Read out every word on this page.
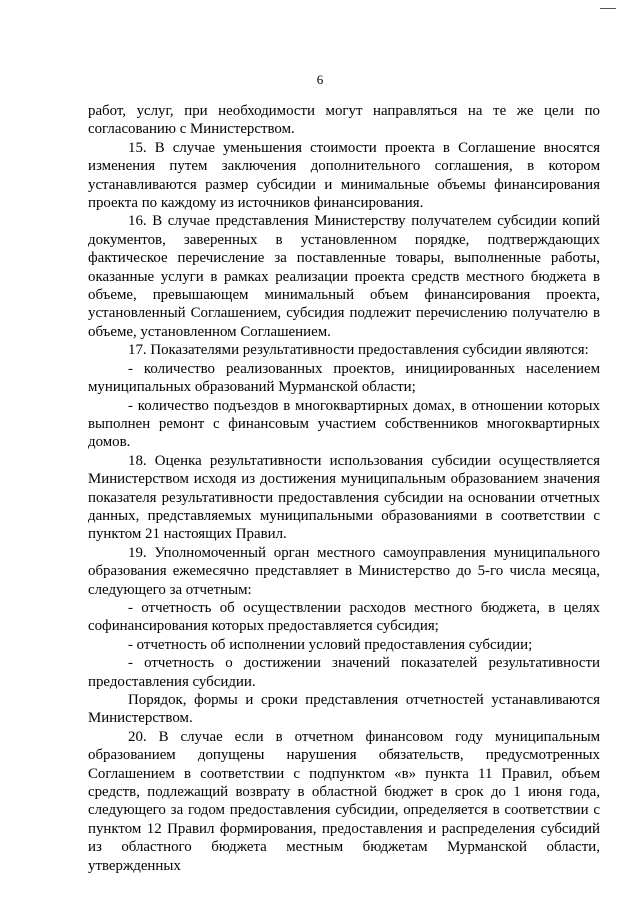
6

работ, услуг, при необходимости могут направляться на те же цели по согласованию с Министерством.

15. В случае уменьшения стоимости проекта в Соглашение вносятся изменения путем заключения дополнительного соглашения, в котором устанавливаются размер субсидии и минимальные объемы финансирования проекта по каждому из источников финансирования.

16. В случае представления Министерству получателем субсидии копий документов, заверенных в установленном порядке, подтверждающих фактическое перечисление за поставленные товары, выполненные работы, оказанные услуги в рамках реализации проекта средств местного бюджета в объеме, превышающем минимальный объем финансирования проекта, установленный Соглашением, субсидия подлежит перечислению получателю в объеме, установленном Соглашением.

17. Показателями результативности предоставления субсидии являются:

- количество реализованных проектов, инициированных населением муниципальных образований Мурманской области;

- количество подъездов в многоквартирных домах, в отношении которых выполнен ремонт с финансовым участием собственников многоквартирных домов.

18. Оценка результативности использования субсидии осуществляется Министерством исходя из достижения муниципальным образованием значения показателя результативности предоставления субсидии на основании отчетных данных, представляемых муниципальными образованиями в соответствии с пунктом 21 настоящих Правил.

19. Уполномоченный орган местного самоуправления муниципального образования ежемесячно представляет в Министерство до 5-го числа месяца, следующего за отчетным:

- отчетность об осуществлении расходов местного бюджета, в целях софинансирования которых предоставляется субсидия;

- отчетность об исполнении условий предоставления субсидии;

- отчетность о достижении значений показателей результативности предоставления субсидии.

Порядок, формы и сроки представления отчетностей устанавливаются Министерством.

20. В случае если в отчетном финансовом году муниципальным образованием допущены нарушения обязательств, предусмотренных Соглашением в соответствии с подпунктом «в» пункта 11 Правил, объем средств, подлежащий возврату в областной бюджет в срок до 1 июня года, следующего за годом предоставления субсидии, определяется в соответствии с пунктом 12 Правил формирования, предоставления и распределения субсидий из областного бюджета местным бюджетам Мурманской области, утвержденных
